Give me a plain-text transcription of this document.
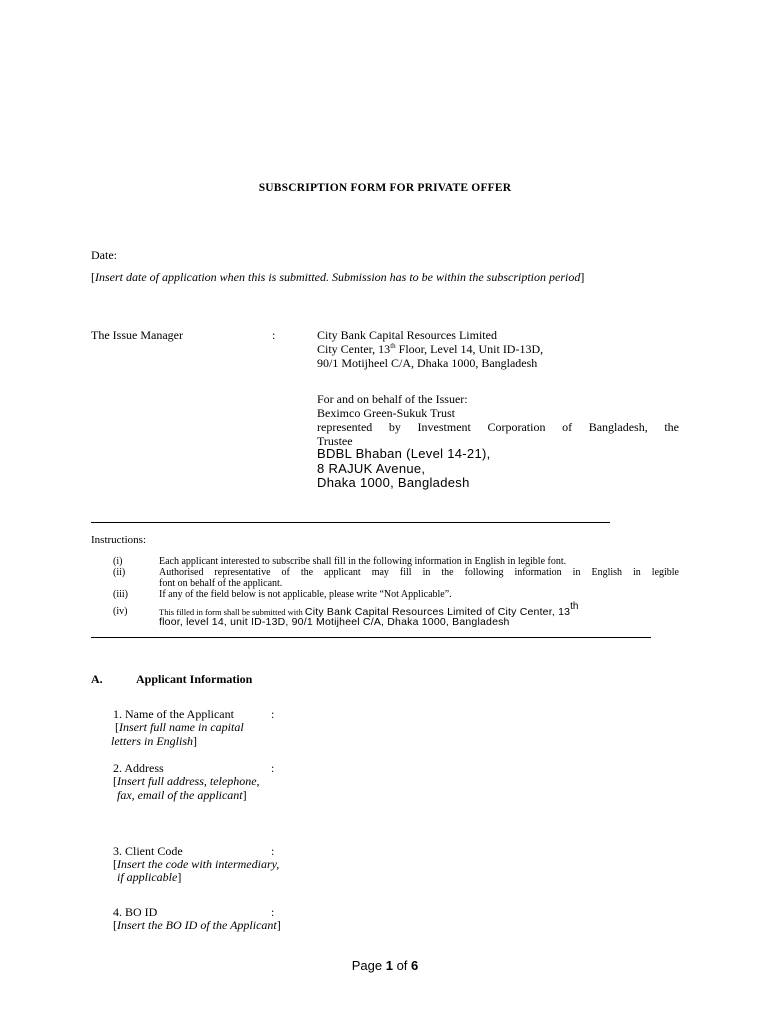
SUBSCRIPTION FORM FOR PRIVATE OFFER
Date:
[Insert date of application when this is submitted. Submission has to be within the subscription period]
The Issue Manager	:	City Bank Capital Resources Limited
City Center, 13th Floor, Level 14, Unit ID-13D,
90/1 Motijheel C/A, Dhaka 1000, Bangladesh
For and on behalf of the Issuer:
Beximco Green-Sukuk Trust
represented by Investment Corporation of Bangladesh, the
Trustee
BDBL Bhaban (Level 14-21),
8 RAJUK Avenue,
Dhaka 1000, Bangladesh
Instructions:
(i)	Each applicant interested to subscribe shall fill in the following information in English in legible font.
(ii)	Authorised representative of the applicant may fill in the following information in English in legible
font on behalf of the applicant.
(iii)	If any of the field below is not applicable, please write “Not Applicable”.
(iv)	This filled in form shall be submitted with City Bank Capital Resources Limited of City Center, 13th
floor, level 14, unit ID-13D, 90/1 Motijheel C/A, Dhaka 1000, Bangladesh
A.	Applicant Information
1. Name of the Applicant	:
[Insert full name in capital
letters in English]
2. Address	:
[Insert full address, telephone,
fax, email of the applicant]
3. Client Code	:
[Insert the code with intermediary,
if applicable]
4. BO ID	:
[Insert the BO ID of the Applicant]
Page 1 of 6
